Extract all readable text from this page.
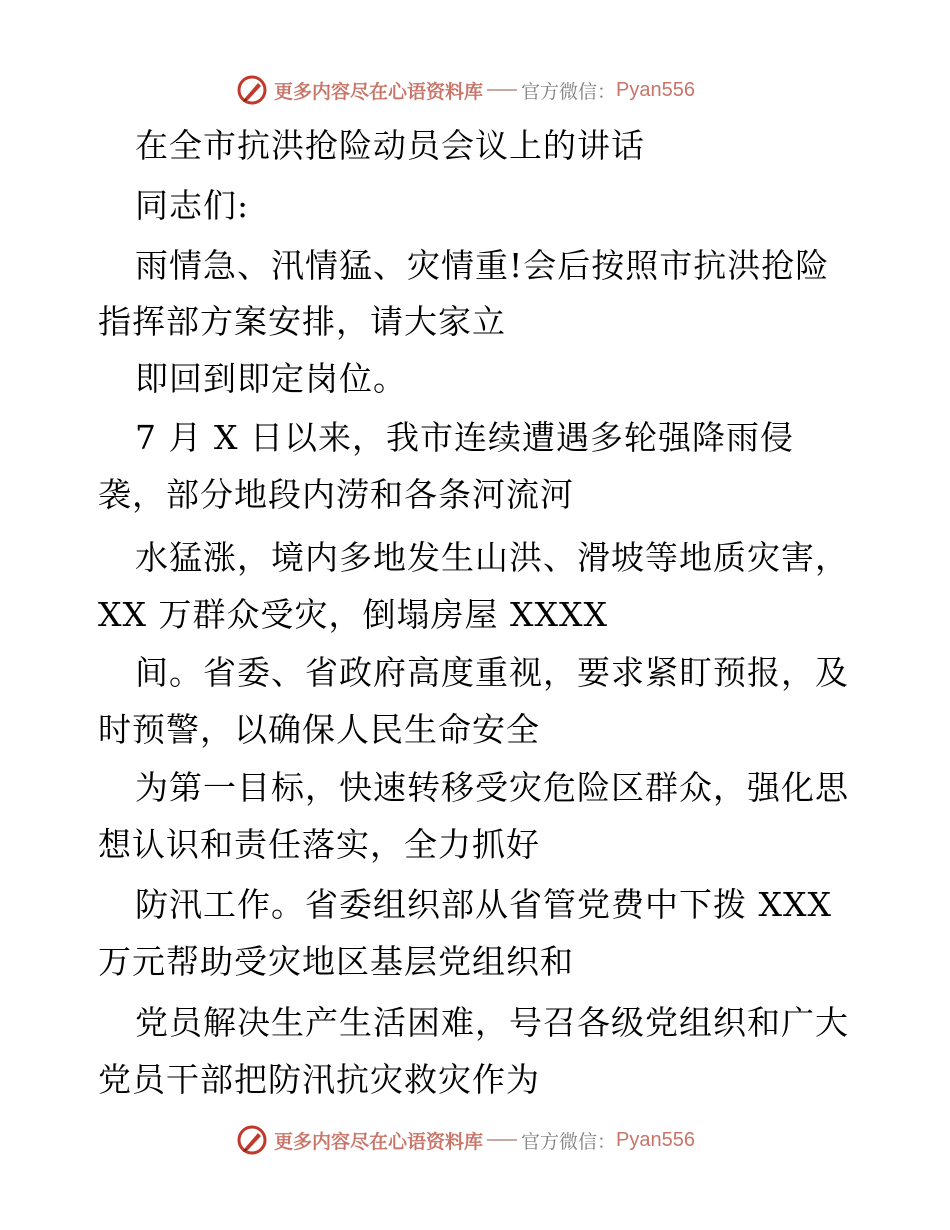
更多内容尽在心语资料库 官方微信： Pyan556
在全市抗洪抢险动员会议上的讲话
同志们:
雨情急、汛情猛、灾情重!会后按照市抗洪抢险
指挥部方案安排，请大家立
即回到即定岗位。
7 月 X 日以来，我市连续遭遇多轮强降雨侵
袭，部分地段内涝和各条河流河
水猛涨，境内多地发生山洪、滑坡等地质灾害，
XX 万群众受灾，倒塌房屋 XXXX
间。省委、省政府高度重视，要求紧盯预报，及
时预警，以确保人民生命安全
为第一目标，快速转移受灾危险区群众，强化思
想认识和责任落实，全力抓好
防汛工作。省委组织部从省管党费中下拨 XXX
万元帮助受灾地区基层党组织和
党员解决生产生活困难，号召各级党组织和广大
党员干部把防汛抗灾救灾作为
更多内容尽在心语资料库 官方微信： Pyan556
